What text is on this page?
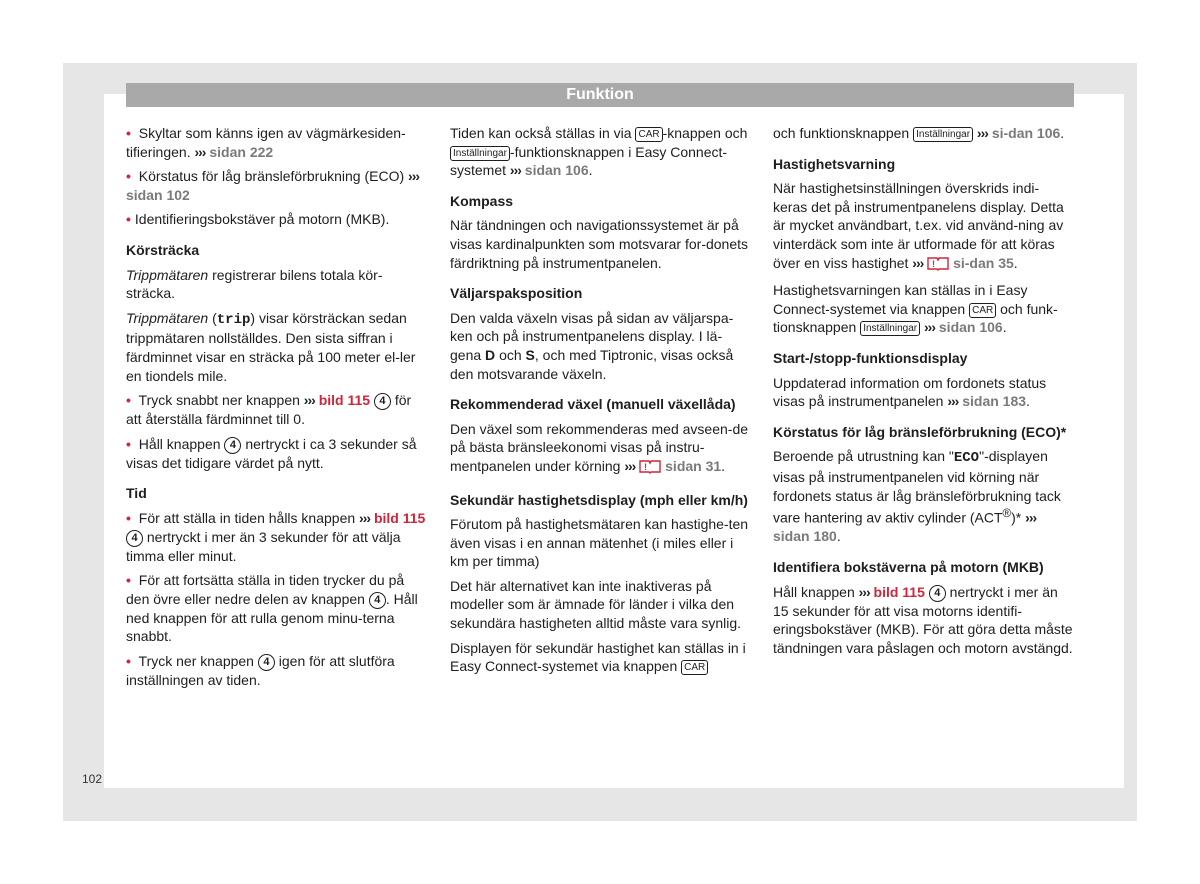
Funktion

• Skyltar som känns igen av vägmärkesiden-tifieringen. ››› sidan 222

• Körstatus för låg bränsleförbrukning (ECO) ››› sidan 102

• Identifieringsbokstäver på motorn (MKB).

Körsträcka

Trippmätaren registrerar bilens totala kör-sträcka.

Trippmätaren (trip) visar körsträckan sedan trippmätaren nollställdes. Den sista siffran i färdminnet visar en sträcka på 100 meter el-ler en tiondels mile.

• Tryck snabbt ner knappen ››› bild 115 4 för att återställa färdminnet till 0.

• Håll knappen 4 nertryckt i ca 3 sekunder så visas det tidigare värdet på nytt.

Tid

• För att ställa in tiden hålls knappen ››› bild 115 4 nertryckt i mer än 3 sekunder för att välja timma eller minut.

• För att fortsätta ställa in tiden trycker du på den övre eller nedre delen av knappen 4 . Håll ned knappen för att rulla genom minu-terna snabbt.

• Tryck ner knappen 4 igen för att slutföra inställningen av tiden.

Tiden kan också ställas in via CAR -knappen och Inställningar -funktionsknappen i Easy Connect-systemet ››› sidan 106.

Kompass

När tändningen och navigationssystemet är på visas kardinalpunkten som motsvarar for-donets färdriktning på instrumentpanelen.

Väljarspaksposition

Den valda växeln visas på sidan av väljarspa-ken och på instrumentpanelens display. I lä-gena D och S, och med Tiptronic, visas också den motsvarande växeln.

Rekommenderad växel (manuell växellåda)

Den växel som rekommenderas med avseen-de på bästa bränsleekonomi visas på instru-mentpanelen under körning ››› ! sidan 31.

Sekundär hastighetsdisplay (mph eller km/h)

Förutom på hastighetsmätaren kan hastighe-ten även visas i en annan mätenhet (i miles eller i km per timma)

Det här alternativet kan inte inaktiveras på modeller som är ämnade för länder i vilka den sekundära hastigheten alltid måste vara synlig.

Displayen för sekundär hastighet kan ställas in i Easy Connect-systemet via knappen CAR

och funktionsknappen Inställningar ››› si-dan 106.

Hastighetsvarning

När hastighetsinställningen överskrids indi-keras det på instrumentpanelens display. Detta är mycket användbart, t.ex. vid använd-ning av vinterdäck som inte är utformade för att köras över en viss hastighet ››› ! si-dan 35.

Hastighetsvarningen kan ställas in i Easy Connect-systemet via knappen CAR och funk-tionsknappen Inställningar ››› sidan 106.

Start-/stopp-funktionsdisplay

Uppdaterad information om fordonets status visas på instrumentpanelen ››› sidan 183.

Körstatus för låg bränsleförbrukning (ECO)*

Beroende på utrustning kan "ECO"-displayen visas på instrumentpanelen vid körning när fordonets status är låg bränsleförbrukning tack vare hantering av aktiv cylinder (ACT®)* ››› sidan 180.

Identifiera bokstäverna på motorn (MKB)

Håll knappen ››› bild 115 4 nertryckt i mer än 15 sekunder för att visa motorns identifi-eringsbokstäver (MKB). För att göra detta måste tändningen vara påslagen och motorn avstängd.

102
